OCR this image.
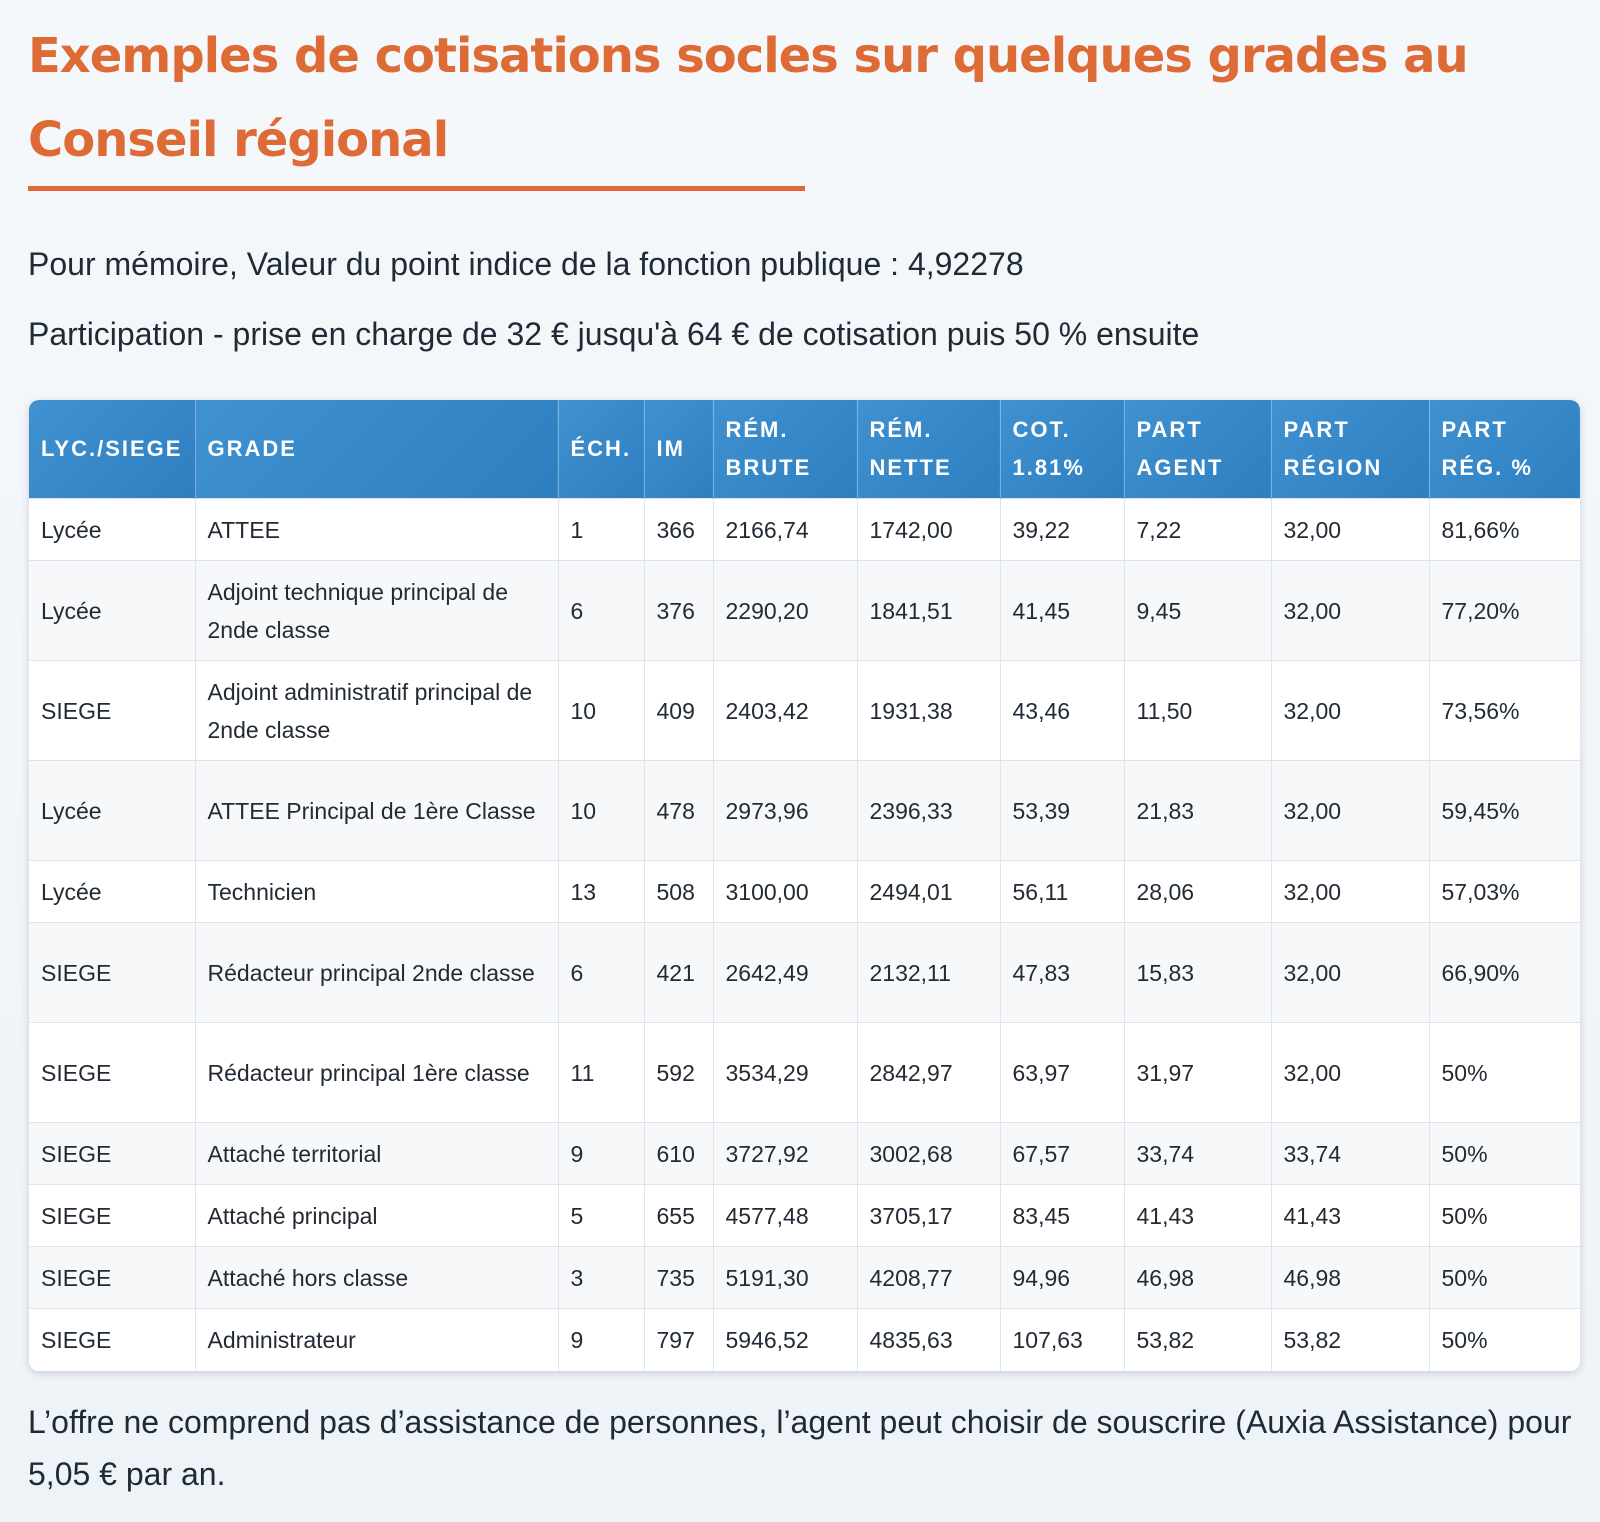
Exemples de cotisations socles sur quelques grades au Conseil régional

Pour mémoire, Valeur du point indice de la fonction publique : 4,92278

Participation - prise en charge de 32 € jusqu'à 64 € de cotisation puis 50 % ensuite

LYC./SIEGE	GRADE	ÉCH.	IM	RÉM. BRUTE	RÉM. NETTE	COT. 1.81%	PART AGENT	PART RÉGION	PART RÉG. %
Lycée	ATTEE	1	366	2166,74	1742,00	39,22	7,22	32,00	81,66%
Lycée	Adjoint technique principal de 2nde classe	6	376	2290,20	1841,51	41,45	9,45	32,00	77,20%
SIEGE	Adjoint administratif principal de 2nde classe	10	409	2403,42	1931,38	43,46	11,50	32,00	73,56%
Lycée	ATTEE Principal de 1ère Classe	10	478	2973,96	2396,33	53,39	21,83	32,00	59,45%
Lycée	Technicien	13	508	3100,00	2494,01	56,11	28,06	32,00	57,03%
SIEGE	Rédacteur principal 2nde classe	6	421	2642,49	2132,11	47,83	15,83	32,00	66,90%
SIEGE	Rédacteur principal 1ère classe	11	592	3534,29	2842,97	63,97	31,97	32,00	50%
SIEGE	Attaché territorial	9	610	3727,92	3002,68	67,57	33,74	33,74	50%
SIEGE	Attaché principal	5	655	4577,48	3705,17	83,45	41,43	41,43	50%
SIEGE	Attaché hors classe	3	735	5191,30	4208,77	94,96	46,98	46,98	50%
SIEGE	Administrateur	9	797	5946,52	4835,63	107,63	53,82	53,82	50%

L’offre ne comprend pas d’assistance de personnes, l’agent peut choisir de souscrire (Auxia Assistance) pour 5,05 € par an.
